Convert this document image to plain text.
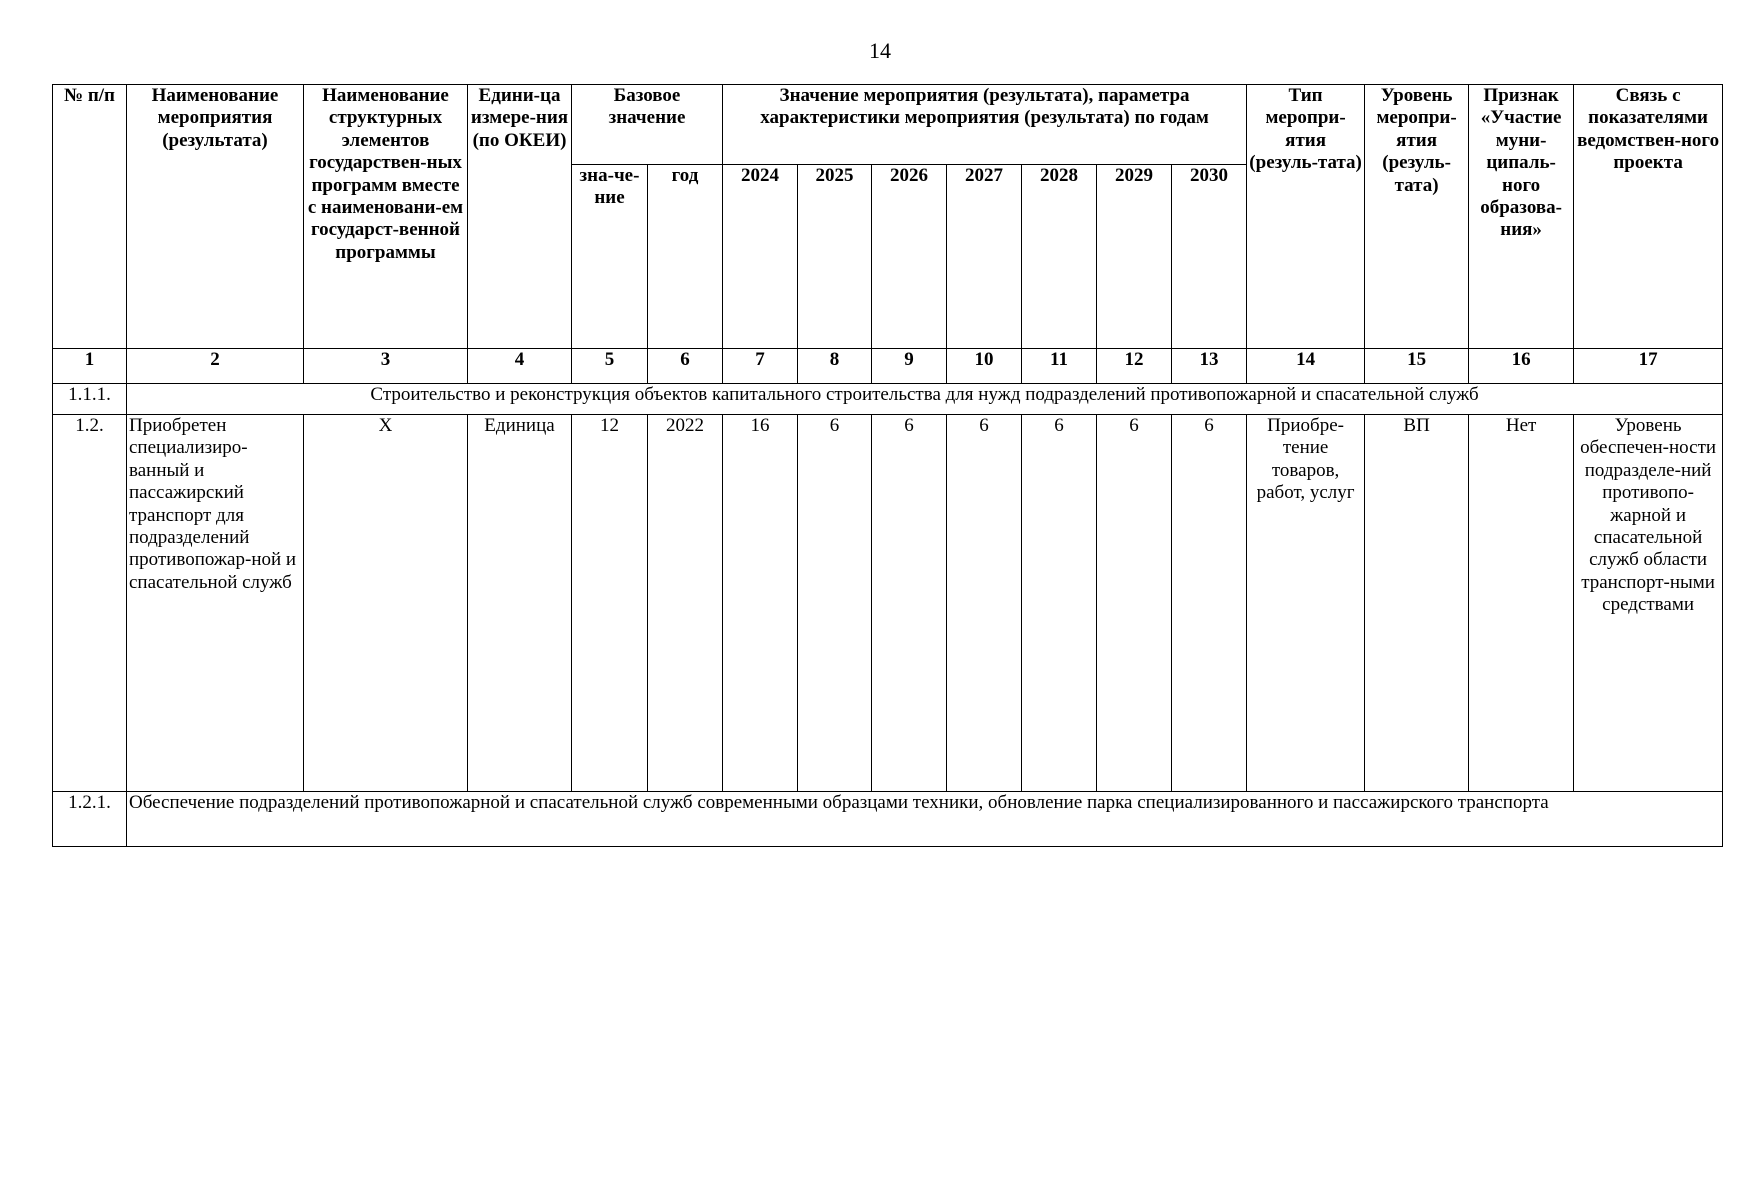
14
№ п/п	Наименование мероприятия (результата)	Наименование структурных элементов государствен-ных программ вместе с наименовани-ем государст-венной программы	Едини-ца измере-ния (по ОКЕИ)	Базовое значение		Значение мероприятия (результата), параметра характеристики мероприятия (результата) по годам							Тип меропри-ятия (резуль-тата)	Уровень меропри-ятия (резуль-тата)	Признак «Участие муни-ципаль-ного образова-ния»	Связь с показателями ведомствен-ного проекта
				зна-че-ние	год	2024	2025	2026	2027	2028	2029	2030				
1	2	3	4	5	6	7	8	9	10	11	12	13	14	15	16	17
1.1.1.	Строительство и реконструкция объектов капитального строительства для нужд подразделений противопожарной и спасательной служб															
1.2.	Приобретен специализиро-ванный и пассажирский транспорт для подразделений противопожар-ной и спасательной служб	Х	Единица	12	2022	16	6	6	6	6	6	6	Приобре-тение товаров, работ, услуг	ВП	Нет	Уровень обеспечен-ности подразделе-ний противопо-жарной и спасательной служб области транспорт-ными средствами
1.2.1.	Обеспечение подразделений противопожарной и спасательной служб современными образцами техники, обновление парка специализированного и пассажирского транспорта															
